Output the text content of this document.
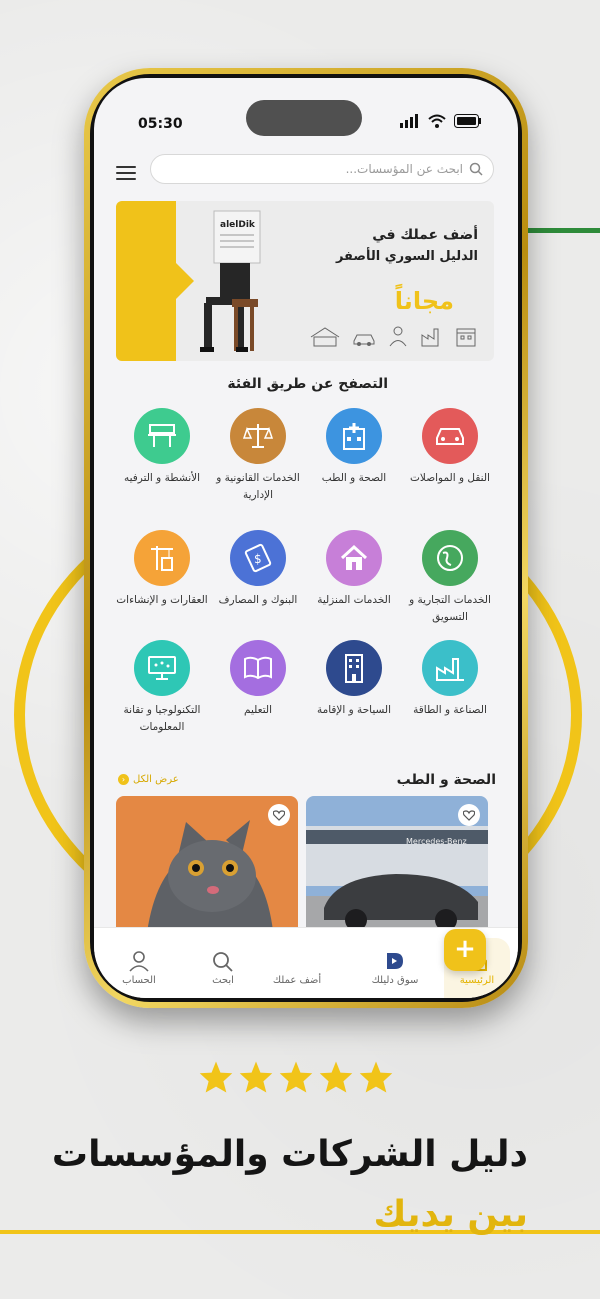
05:30
ابحث عن المؤسسات...
alelDik
أضف عملك في
الدليل السوري الأصفر
مجاناً
التصفح عن طريق الفئة
النقل و المواصلات
الصحة و الطب
الخدمات القانونية و الإدارية
الأنشطة و الترفيه
الخدمات التجارية و التسويق
الخدمات المنزلية
$
البنوك و المصارف
العقارات و الإنشاءات
الصناعة و الطاقة
السياحة و الإقامة
التعليم
التكنولوجيا و تقانة المعلومات
الصحة و الطب
عرض الكل
‹
Mercedes-Benz
الرئيسية
سوق دليلك
+
أضف عملك
ابحث
الحساب
دليل الشركات والمؤسسات
بين يديك
